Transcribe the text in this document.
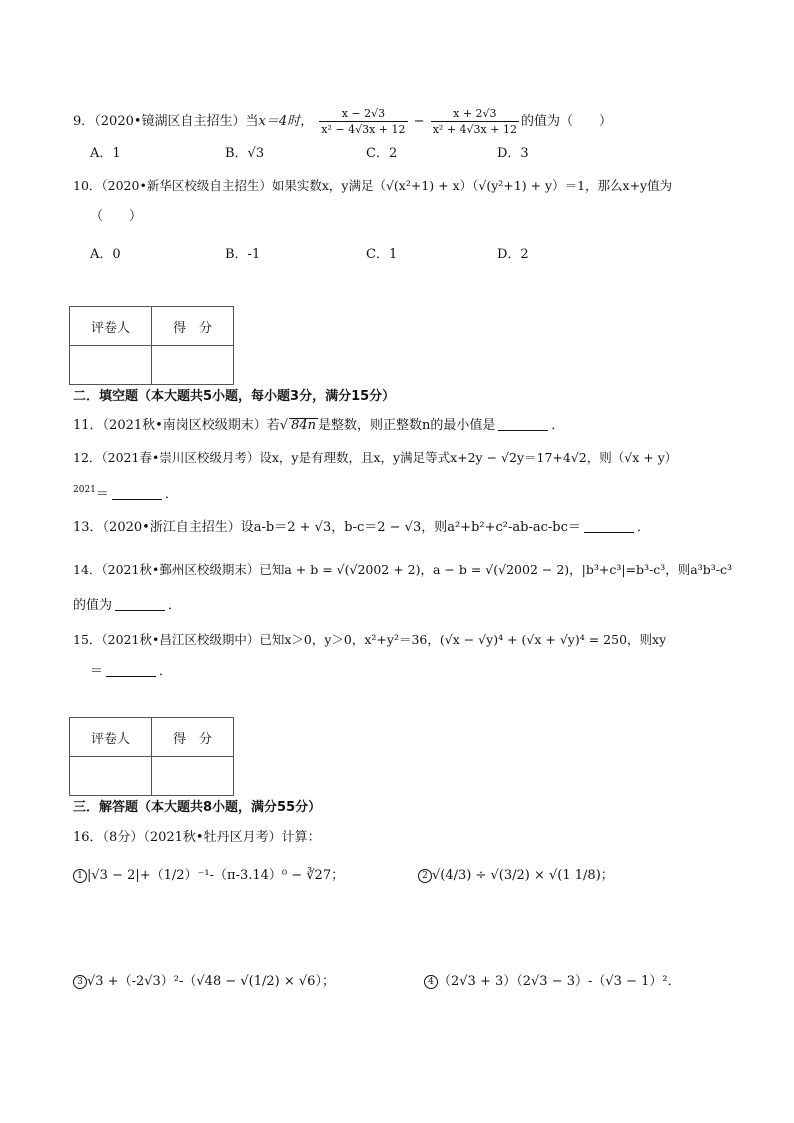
9．（2020•镜湖区自主招生）当x＝4时， $\frac{x - 2√3}{\text{x² − 4√3x + 12}} - \frac{x + 2√3}{\text{x² + 4√3x + 12}}$ 的值为（　　）
A．1	B．√3	C．2	D．3
10．（2020•新华区校级自主招生）如果实数x，y满足（√(x²+1) + x）（√(y²+1) + y）＝1，那么x+y值为
（　　）
A．0	B．-1	C．1	D．2
评卷人	得　分

二．填空题（本大题共5小题，每小题3分，满分15分）
11．（2021秋•南岗区校级期末）若√ 84n 是整数，则正整数n的最小值是	．
12．（2021春•崇川区校级月考）设x，y是有理数，且x，y满足等式x+2y − √2y＝17+4√2，则（√x + y）
$^{2021}$＝	．
13．（2020•浙江自主招生）设a-b＝2 + √3，b-c＝2 − √3，则a²+b²+c²-ab-ac-bc＝	．
14．（2021秋•鄞州区校级期末）已知a + b = √(√2002 + 2)，a − b = √(√2002 − 2)，|b³+c³|=b³-c³，则a³b³-c³
的值为	．
15．（2021秋•昌江区校级期中）已知x＞0，y＞0，x²+y²＝36，(√x − √y)⁴ + (√x + √y)⁴ = 250，则xy
＝	．
评卷人	得　分

三．解答题（本大题共8小题，满分55分）
16．（8分）（2021秋•牡丹区月考）计算：
1 |√3 − 2|+（1/2）⁻¹-（π-3.14）⁰ − ∛27；	2 √(4/3) ÷ √(3/2) × √(1 1/8)；
3 √3 +（-2√3）²-（√48 − √(1/2) × √6）；	4 （2√3 + 3）（2√3 − 3）-（√3 − 1）²．
